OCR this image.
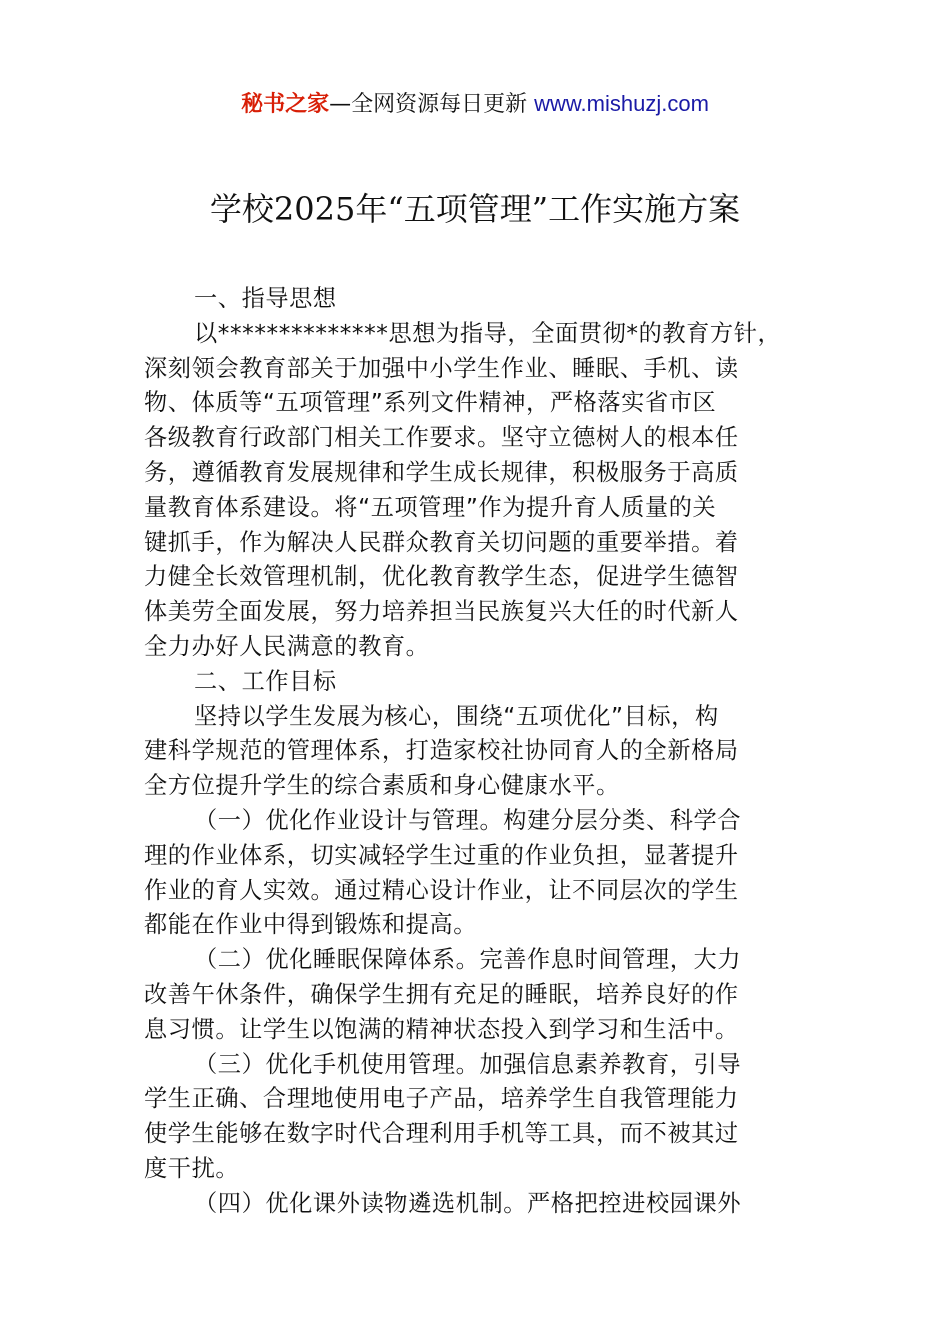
秘书之家—全网资源每日更新 www.mishuzj.com
学校2025年“五项管理”工作实施方案
一、指导思想
以**************思想为指导，全面贯彻*的教育方针，
深刻领会教育部关于加强中小学生作业、睡眠、手机、读
物、体质等“五项管理”系列文件精神，严格落实省市区
各级教育行政部门相关工作要求。坚守立德树人的根本任
务，遵循教育发展规律和学生成长规律，积极服务于高质
量教育体系建设。将“五项管理”作为提升育人质量的关
键抓手，作为解决人民群众教育关切问题的重要举措。着
力健全长效管理机制，优化教育教学生态，促进学生德智
体美劳全面发展，努力培养担当民族复兴大任的时代新人
全力办好人民满意的教育。
二、工作目标
坚持以学生发展为核心，围绕“五项优化”目标，构
建科学规范的管理体系，打造家校社协同育人的全新格局
全方位提升学生的综合素质和身心健康水平。
（一）优化作业设计与管理。构建分层分类、科学合
理的作业体系，切实减轻学生过重的作业负担，显著提升
作业的育人实效。通过精心设计作业，让不同层次的学生
都能在作业中得到锻炼和提高。
（二）优化睡眠保障体系。完善作息时间管理，大力
改善午休条件，确保学生拥有充足的睡眠，培养良好的作
息习惯。让学生以饱满的精神状态投入到学习和生活中。
（三）优化手机使用管理。加强信息素养教育，引导
学生正确、合理地使用电子产品，培养学生自我管理能力
使学生能够在数字时代合理利用手机等工具，而不被其过
度干扰。
（四）优化课外读物遴选机制。严格把控进校园课外
